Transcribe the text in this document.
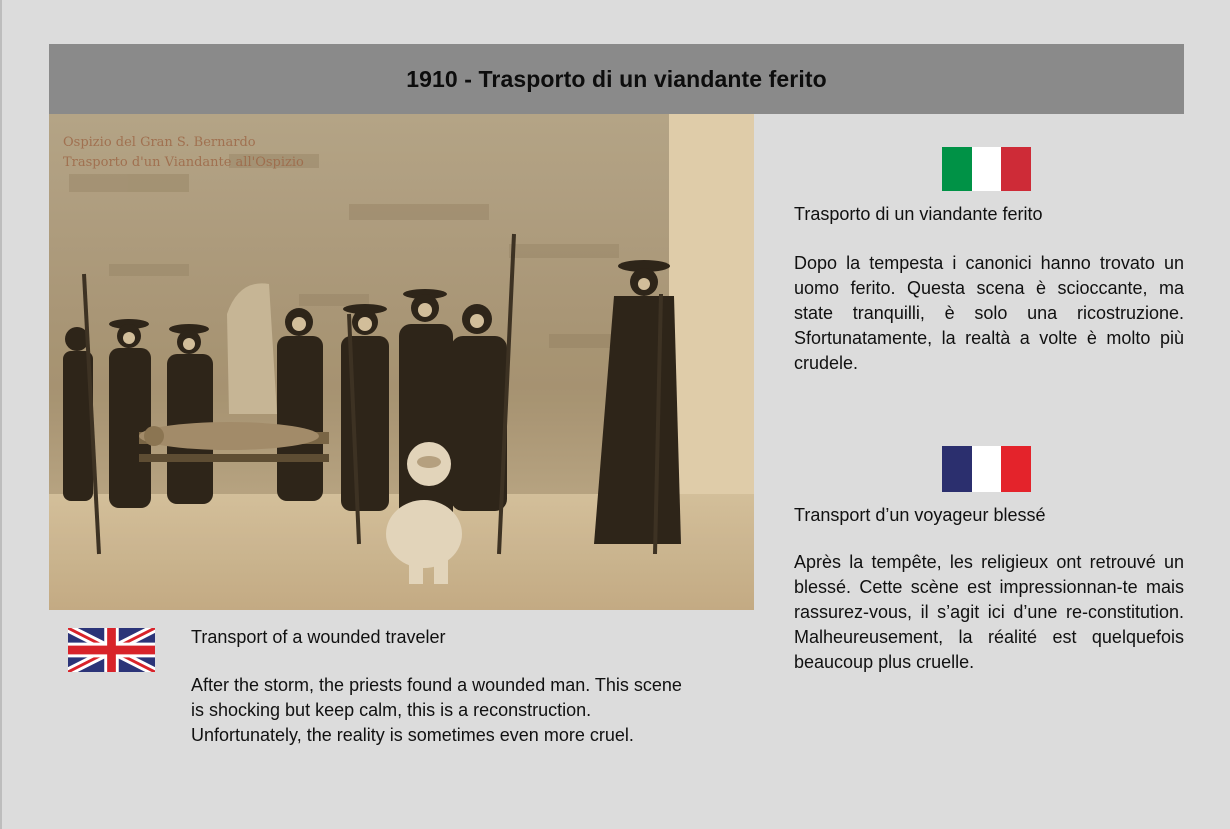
1910 - Trasporto di un viandante ferito
Ospizio del Gran S. Bernardo
Trasporto d'un Viandante all'Ospizio

Trasporto di un viandante ferito

Dopo la tempesta i canonici hanno trovato un uomo ferito. Questa scena è scioccante, ma state tranquilli, è solo una ricostruzione. Sfortunatamente, la realtà a volte è molto più crudele.

Transport d’un voyageur blessé

Après la tempête, les religieux ont retrouvé un blessé. Cette scène est impressionnan-te mais rassurez-vous, il s’agit ici d’une re-constitution. Malheureusement, la réalité est quelquefois beaucoup plus cruelle.

Transport of a wounded traveler

After the storm, the priests found a wounded man. This scene is shocking but keep calm, this is a reconstruction. Unfortunately, the reality is sometimes even more cruel.
